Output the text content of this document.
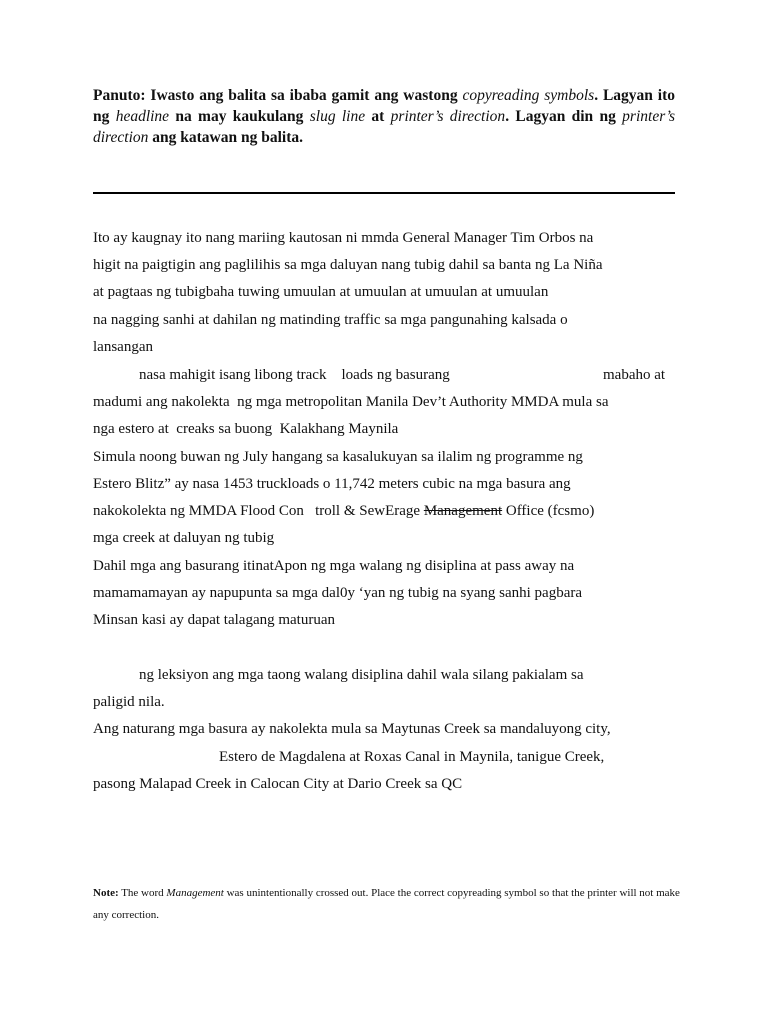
Panuto: Iwasto ang balita sa ibaba gamit ang wastong copyreading symbols. Lagyan ito ng headline na may kaukulang slug line at printer’s direction. Lagyan din ng printer’s direction ang katawan ng balita.
Ito ay kaugnay ito nang mariing kautosan ni mmda General Manager Tim Orbos na
higit na paigtigin ang paglilihis sa mga daluyan nang tubig dahil sa banta ng La Niña
at pagtaas ng tubigbaha tuwing umuulan at umuulan at umuulan at umuulan
na nagging sanhi at dahilan ng matinding traffic sa mga pangunahing kalsada o
lansangan
nasa mahigit isang libong track    loads ng basurang	mabaho at
madumi ang nakolekta  ng mga metropolitan Manila Dev’t Authority MMDA mula sa
nga estero at  creaks sa buong  Kalakhang Maynila
Simula noong buwan ng July hangang sa kasalukuyan sa ilalim ng programme ng
Estero Blitz” ay nasa 1453 truckloads o 11,742 meters cubic na mga basura ang
nakokolekta ng MMDA Flood Con   troll & SewErage Management Office (fcsmo)
mga creek at daluyan ng tubig
Dahil mga ang basurang itinatApon ng mga walang ng disiplina at pass away na
mamamamayan ay napupunta sa mga dal0y ‘yan ng tubig na syang sanhi pagbara
Minsan kasi ay dapat talagang maturuan
ng leksiyon ang mga taong walang disiplina dahil wala silang pakialam sa
paligid nila.
Ang naturang mga basura ay nakolekta mula sa Maytunas Creek sa mandaluyong city,
Estero de Magdalena at Roxas Canal in Maynila, tanigue Creek,
pasong Malapad Creek in Calocan City at Dario Creek sa QC
Note: The word Management was unintentionally crossed out. Place the correct copyreading symbol so that the printer will not make any correction.
